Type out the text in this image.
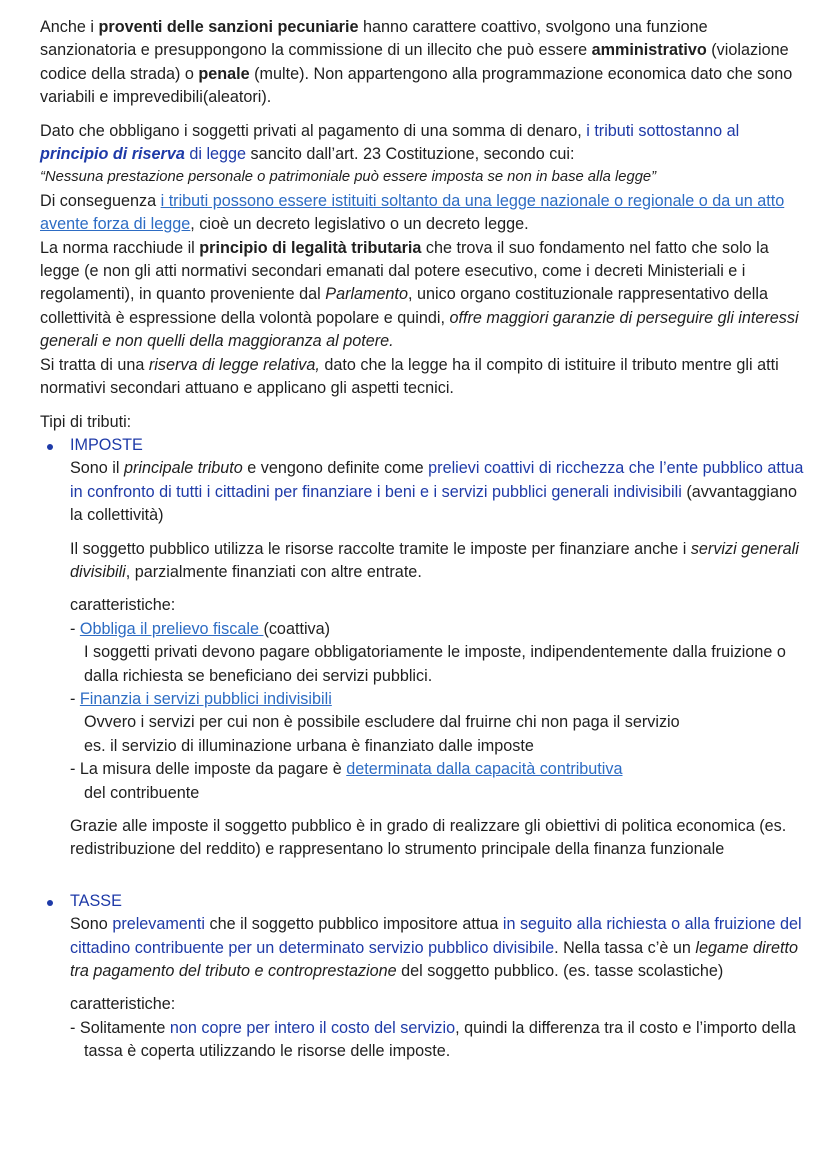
Anche i proventi delle sanzioni pecuniarie hanno carattere coattivo, svolgono una funzione sanzionatoria e presuppongono la commissione di un illecito che può essere amministrativo (violazione codice della strada) o penale (multe). Non appartengono alla programmazione economica dato che sono variabili e imprevedibili(aleatori).

Dato che obbligano i soggetti privati al pagamento di una somma di denaro, i tributi sottostanno al principio di riserva di legge sancito dall’art. 23 Costituzione, secondo cui:

“Nessuna prestazione personale o patrimoniale può essere imposta se non in base alla legge”

Di conseguenza i tributi possono essere istituiti soltanto da una legge nazionale o regionale o da un atto avente forza di legge, cioè un decreto legislativo o un decreto legge.

La norma racchiude il principio di legalità tributaria che trova il suo fondamento nel fatto che solo la legge (e non gli atti normativi secondari emanati dal potere esecutivo, come i decreti Ministeriali e i regolamenti), in quanto proveniente dal Parlamento, unico organo costituzionale rappresentativo della collettività è espressione della volontà popolare e quindi, offre maggiori garanzie di perseguire gli interessi generali e non quelli della maggioranza al potere.

Si tratta di una riserva di legge relativa, dato che la legge ha il compito di istituire il tributo mentre gli atti normativi secondari attuano e applicano gli aspetti tecnici.

Tipi di tributi:

IMPOSTE

Sono il principale tributo e vengono definite come prelievi coattivi di ricchezza che l’ente pubblico attua in confronto di tutti i cittadini per finanziare i beni e i servizi pubblici generali indivisibili (avvantaggiano la collettività)

Il soggetto pubblico utilizza le risorse raccolte tramite le imposte per finanziare anche i servizi generali divisibili, parzialmente finanziati con altre entrate.

caratteristiche:

- Obbliga il prelievo fiscale (coattiva)
I soggetti privati devono pagare obbligatoriamente le imposte, indipendentemente dalla fruizione o dalla richiesta se beneficiano dei servizi pubblici.
- Finanzia i servizi pubblici indivisibili
Ovvero i servizi per cui non è possibile escludere dal fruirne chi non paga il servizio
es. il servizio di illuminazione urbana è finanziato dalle imposte
- La misura delle imposte da pagare è determinata dalla capacità contributiva
del contribuente

Grazie alle imposte il soggetto pubblico è in grado di realizzare gli obiettivi di politica economica (es. redistribuzione del reddito) e rappresentano lo strumento principale della finanza funzionale

TASSE

Sono prelevamenti che il soggetto pubblico impositore attua in seguito alla richiesta o alla fruizione del cittadino contribuente per un determinato servizio pubblico divisibile. Nella tassa c’è un legame diretto tra pagamento del tributo e controprestazione del soggetto pubblico. (es. tasse scolastiche)

caratteristiche:

- Solitamente non copre per intero il costo del servizio, quindi la differenza tra il costo e l’importo della tassa è coperta utilizzando le risorse delle imposte.
